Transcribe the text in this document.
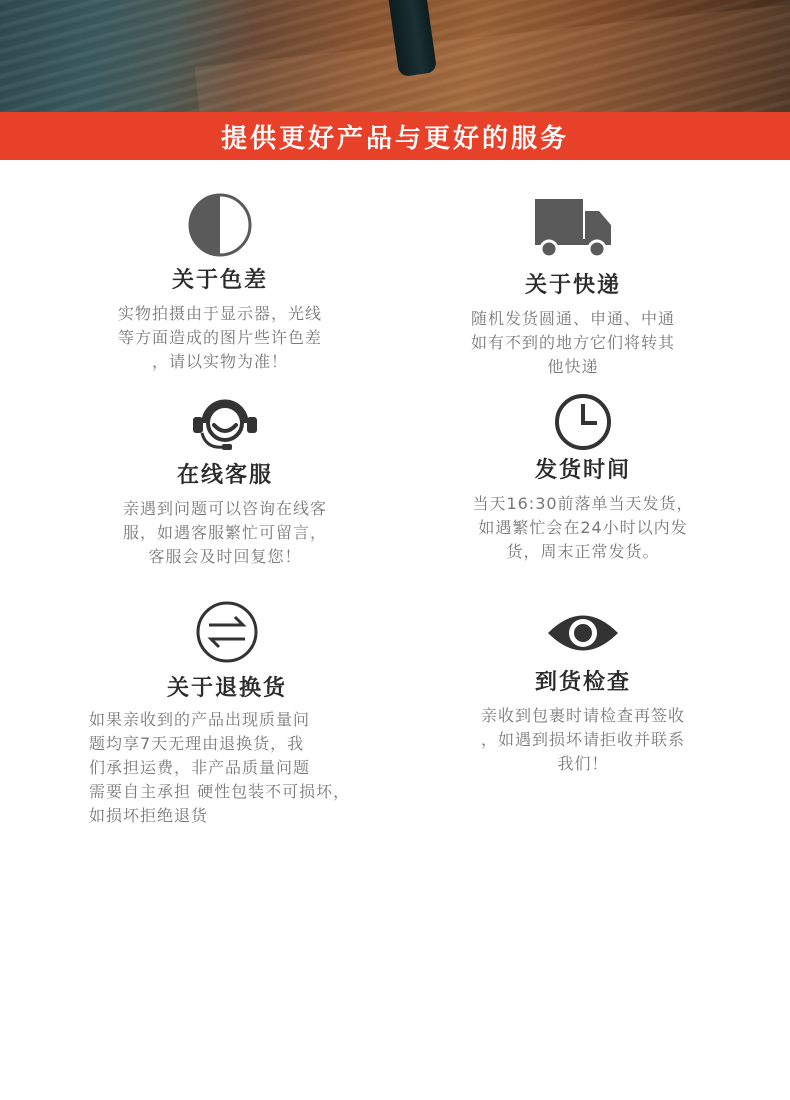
提供更好产品与更好的服务
关于色差
实物拍摄由于显示器，光线
等方面造成的图片些许色差
，请以实物为准！
关于快递
随机发货圆通、申通、中通
如有不到的地方它们将转其
他快递
在线客服
亲遇到问题可以咨询在线客
服，如遇客服繁忙可留言，
客服会及时回复您！
发货时间
当天16:30前落单当天发货，
如遇繁忙会在24小时以内发
货，周末正常发货。
关于退换货
如果亲收到的产品出现质量问
题均享7天无理由退换货，我
们承担运费，非产品质量问题
需要自主承担 硬性包装不可损坏，
如损坏拒绝退货
到货检查
亲收到包裹时请检查再签收
，如遇到损坏请拒收并联系
我们！
